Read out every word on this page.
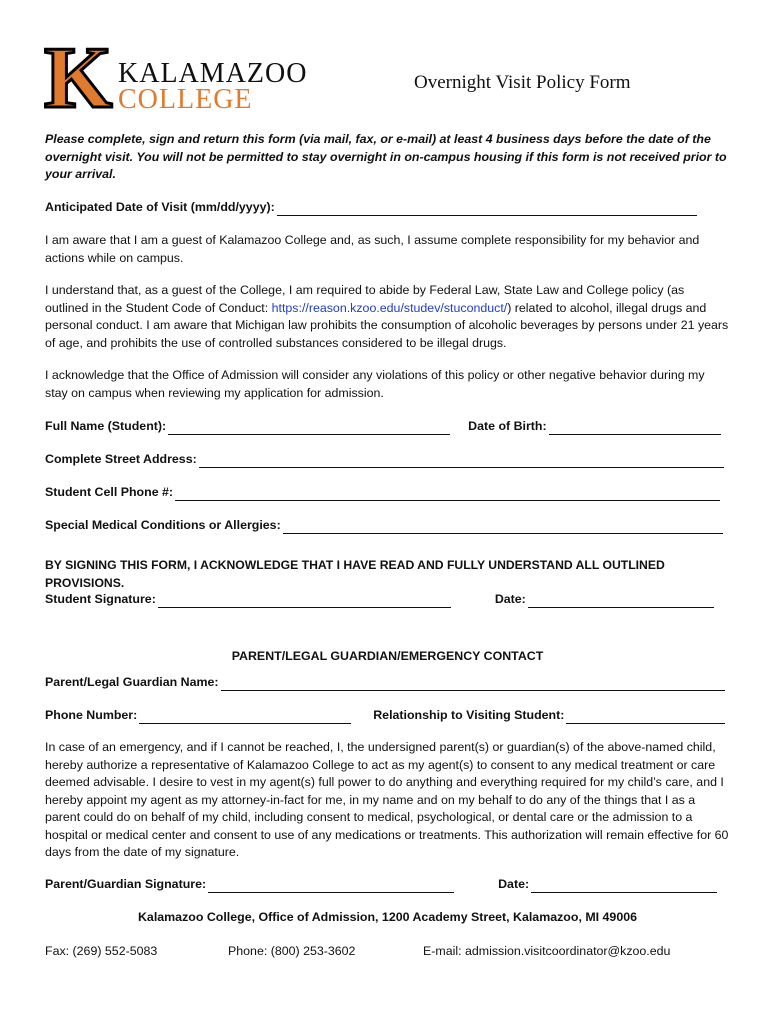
K KALAMAZOO
COLLEGE
Overnight Visit Policy Form
Please complete, sign and return this form (via mail, fax, or e-mail) at least 4 business days before the date of the overnight visit. You will not be permitted to stay overnight in on-campus housing if this form is not received prior to your arrival.
Anticipated Date of Visit (mm/dd/yyyy):
I am aware that I am a guest of Kalamazoo College and, as such, I assume complete responsibility for my behavior and actions while on campus.
I understand that, as a guest of the College, I am required to abide by Federal Law, State Law and College policy (as outlined in the Student Code of Conduct: https://reason.kzoo.edu/studev/stuconduct/) related to alcohol, illegal drugs and personal conduct. I am aware that Michigan law prohibits the consumption of alcoholic beverages by persons under 21 years of age, and prohibits the use of controlled substances considered to be illegal drugs.
I acknowledge that the Office of Admission will consider any violations of this policy or other negative behavior during my stay on campus when reviewing my application for admission.
Full Name (Student):	Date of Birth:
Complete Street Address:
Student Cell Phone #:
Special Medical Conditions or Allergies:
BY SIGNING THIS FORM, I ACKNOWLEDGE THAT I HAVE READ AND FULLY UNDERSTAND ALL OUTLINED PROVISIONS.
Student Signature:	Date:
PARENT/LEGAL GUARDIAN/EMERGENCY CONTACT
Parent/Legal Guardian Name:
Phone Number:	Relationship to Visiting Student:
In case of an emergency, and if I cannot be reached, I, the undersigned parent(s) or guardian(s) of the above-named child, hereby authorize a representative of Kalamazoo College to act as my agent(s) to consent to any medical treatment or care deemed advisable. I desire to vest in my agent(s) full power to do anything and everything required for my child’s care, and I hereby appoint my agent as my attorney-in-fact for me, in my name and on my behalf to do any of the things that I as a parent could do on behalf of my child, including consent to medical, psychological, or dental care or the admission to a hospital or medical center and consent to use of any medications or treatments. This authorization will remain effective for 60 days from the date of my signature.
Parent/Guardian Signature:	Date:
Kalamazoo College, Office of Admission, 1200 Academy Street, Kalamazoo, MI 49006
Fax: (269) 552-5083	Phone: (800) 253-3602	E-mail: admission.visitcoordinator@kzoo.edu
